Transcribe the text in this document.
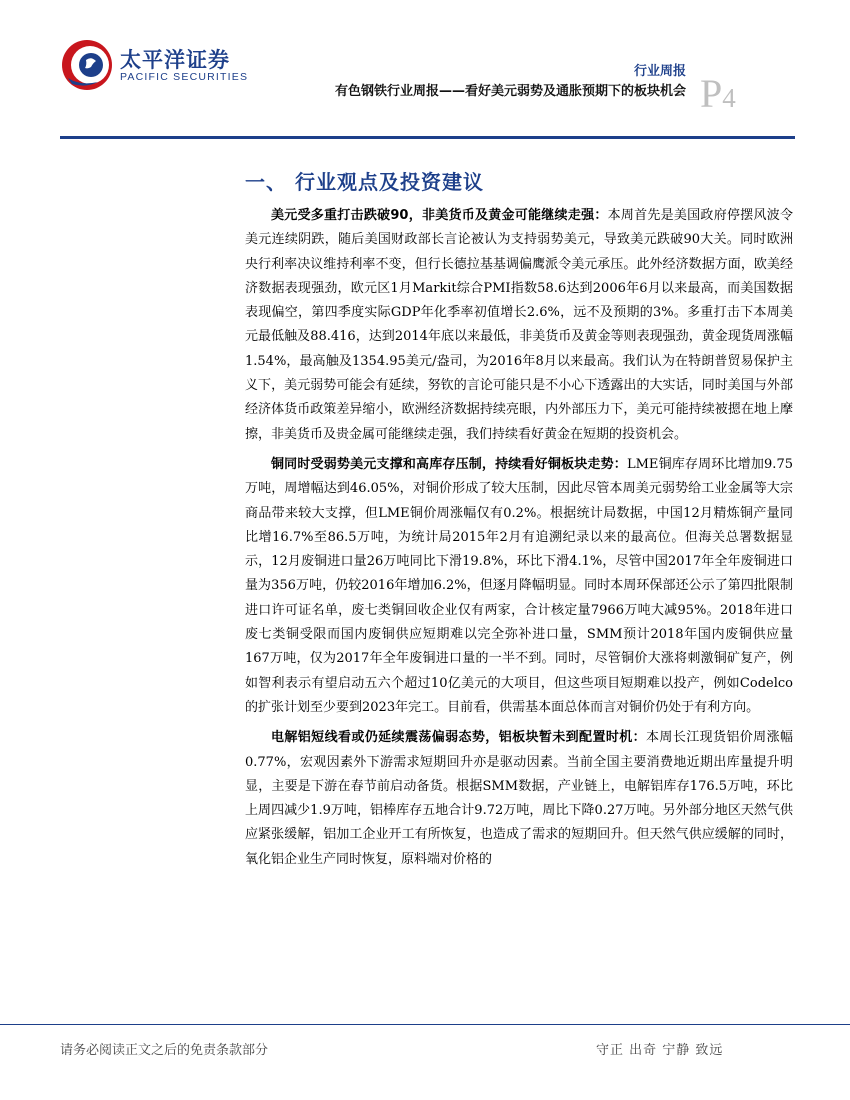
太平洋证券
PACIFIC SECURITIES	行业周报
有色钢铁行业周报——看好美元弱势及通胀预期下的板块机会 P4
一、 行业观点及投资建议

美元受多重打击跌破90，非美货币及黄金可能继续走强：本周首先是美国政府停摆风波令美元连续阴跌，随后美国财政部长言论被认为支持弱势美元，导致美元跌破90大关。同时欧洲央行利率决议维持利率不变，但行长德拉基基调偏鹰派令美元承压。此外经济数据方面，欧美经济数据表现强劲，欧元区1月Markit综合PMI指数58.6达到2006年6月以来最高，而美国数据表现偏空，第四季度实际GDP年化季率初值增长2.6%，远不及预期的3%。多重打击下本周美元最低触及88.416，达到2014年底以来最低，非美货币及黄金等则表现强劲，黄金现货周涨幅1.54%，最高触及1354.95美元/盎司，为2016年8月以来最高。我们认为在特朗普贸易保护主义下，美元弱势可能会有延续，努钦的言论可能只是不小心下透露出的大实话，同时美国与外部经济体货币政策差异缩小，欧洲经济数据持续亮眼，内外部压力下，美元可能持续被摁在地上摩擦，非美货币及贵金属可能继续走强，我们持续看好黄金在短期的投资机会。

铜同时受弱势美元支撑和高库存压制，持续看好铜板块走势：LME铜库存周环比增加9.75万吨，周增幅达到46.05%，对铜价形成了较大压制，因此尽管本周美元弱势给工业金属等大宗商品带来较大支撑，但LME铜价周涨幅仅有0.2%。根据统计局数据，中国12月精炼铜产量同比增16.7%至86.5万吨，为统计局2015年2月有追溯纪录以来的最高位。但海关总署数据显示，12月废铜进口量26万吨同比下滑19.8%，环比下滑4.1%，尽管中国2017年全年废铜进口量为356万吨，仍较2016年增加6.2%，但逐月降幅明显。同时本周环保部还公示了第四批限制进口许可证名单，废七类铜回收企业仅有两家，合计核定量7966万吨大减95%。2018年进口废七类铜受限而国内废铜供应短期难以完全弥补进口量，SMM预计2018年国内废铜供应量167万吨，仅为2017年全年废铜进口量的一半不到。同时，尽管铜价大涨将刺激铜矿复产，例如智利表示有望启动五六个超过10亿美元的大项目，但这些项目短期难以投产，例如Codelco的扩张计划至少要到2023年完工。目前看，供需基本面总体而言对铜价仍处于有利方向。

电解铝短线看或仍延续震荡偏弱态势，铝板块暂未到配置时机：本周长江现货铝价周涨幅0.77%，宏观因素外下游需求短期回升亦是驱动因素。当前全国主要消费地近期出库量提升明显，主要是下游在春节前启动备货。根据SMM数据，产业链上，电解铝库存176.5万吨，环比上周四减少1.9万吨，铝棒库存五地合计9.72万吨，周比下降0.27万吨。另外部分地区天然气供应紧张缓解，铝加工企业开工有所恢复，也造成了需求的短期回升。但天然气供应缓解的同时，氧化铝企业生产同时恢复，原料端对价格的

请务必阅读正文之后的免责条款部分	守正 出奇 宁静 致远
